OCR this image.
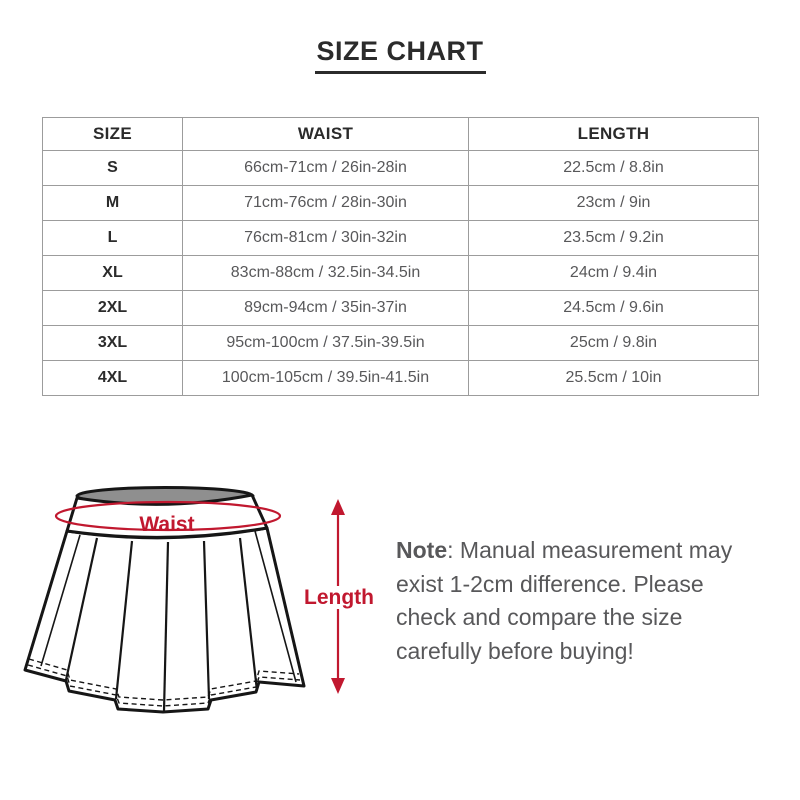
SIZE CHART
SIZE	WAIST	LENGTH
S	66cm-71cm / 26in-28in	22.5cm / 8.8in
M	71cm-76cm / 28in-30in	23cm / 9in
L	76cm-81cm / 30in-32in	23.5cm / 9.2in
XL	83cm-88cm / 32.5in-34.5in	24cm / 9.4in
2XL	89cm-94cm / 35in-37in	24.5cm / 9.6in
3XL	95cm-100cm / 37.5in-39.5in	25cm / 9.8in
4XL	100cm-105cm / 39.5in-41.5in	25.5cm / 10in
Waist
Length
Note: Manual measurement may
exist 1-2cm difference. Please
check and compare the size
carefully before buying!
